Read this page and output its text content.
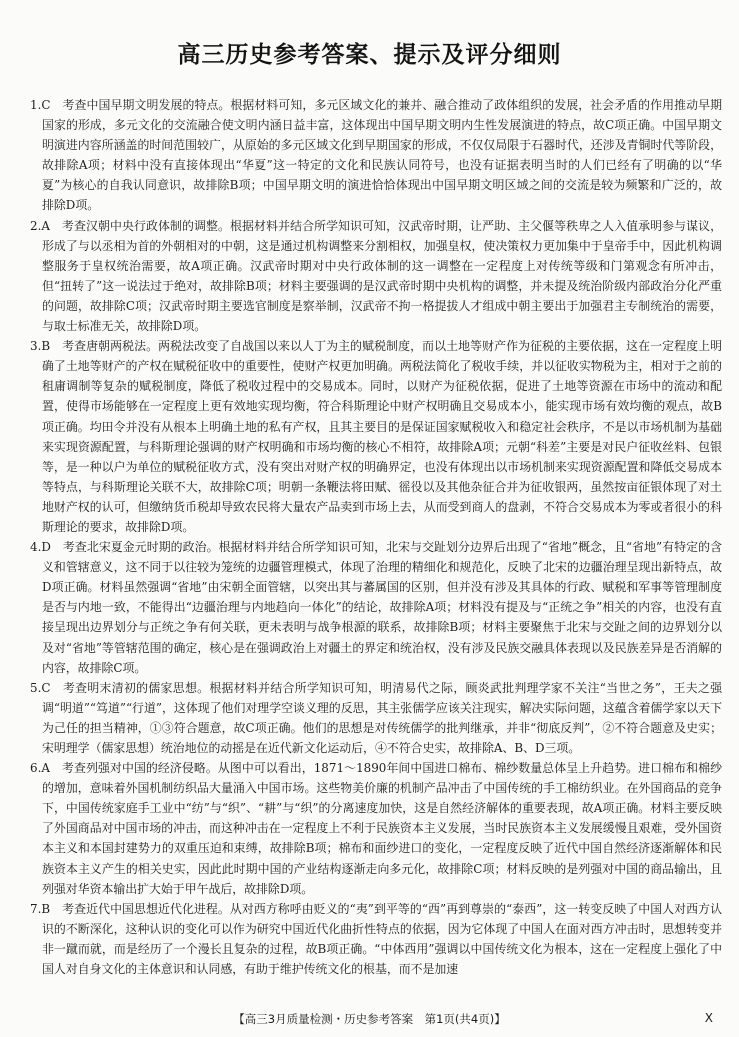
高三历史参考答案、提示及评分细则

1.C　考查中国早期文明发展的特点。根据材料可知，多元区域文化的兼并、融合推动了政体组织的发展，社会矛盾的作用推动早期国家的形成，多元文化的交流融合使文明内涵日益丰富，这体现出中国早期文明内生性发展演进的特点，故C项正确。中国早期文明演进内容所涵盖的时间范围较广，从原始的多元区域文化到早期国家的形成，不仅仅局限于石器时代，还涉及青铜时代等阶段，故排除A项；材料中没有直接体现出“华夏”这一特定的文化和民族认同符号，也没有证据表明当时的人们已经有了明确的以“华夏”为核心的自我认同意识，故排除B项；中国早期文明的演进恰恰体现出中国早期文明区域之间的交流是较为频繁和广泛的，故排除D项。

2.A　考查汉朝中央行政体制的调整。根据材料并结合所学知识可知，汉武帝时期，让严助、主父偃等秩卑之人入值承明参与谋议，形成了与以丞相为首的外朝相对的中朝，这是通过机构调整来分割相权，加强皇权，使决策权力更加集中于皇帝手中，因此机构调整服务于皇权统治需要，故A项正确。汉武帝时期对中央行政体制的这一调整在一定程度上对传统等级和门第观念有所冲击，但“扭转了”这一说法过于绝对，故排除B项；材料主要强调的是汉武帝时期中央机构的调整，并未提及统治阶级内部政治分化严重的问题，故排除C项；汉武帝时期主要选官制度是察举制，汉武帝不拘一格提拔人才组成中朝主要出于加强君主专制统治的需要，与取士标准无关，故排除D项。

3.B　考查唐朝两税法。两税法改变了自战国以来以人丁为主的赋税制度，而以土地等财产作为征税的主要依据，这在一定程度上明确了土地等财产的产权在赋税征收中的重要性，使财产权更加明确。两税法简化了税收手续，并以征收实物税为主，相对于之前的租庸调制等复杂的赋税制度，降低了税收过程中的交易成本。同时，以财产为征税依据，促进了土地等资源在市场中的流动和配置，使得市场能够在一定程度上更有效地实现均衡，符合科斯理论中财产权明确且交易成本小，能实现市场有效均衡的观点，故B项正确。均田令并没有从根本上明确土地的私有产权，且其主要目的是保证国家赋税收入和稳定社会秩序，不是以市场机制为基础来实现资源配置，与科斯理论强调的财产权明确和市场均衡的核心不相符，故排除A项；元朝“科差”主要是对民户征收丝料、包银等，是一种以户为单位的赋税征收方式，没有突出对财产权的明确界定，也没有体现出以市场机制来实现资源配置和降低交易成本等特点，与科斯理论关联不大，故排除C项；明朝一条鞭法将田赋、徭役以及其他杂征合并为征收银两，虽然按亩征银体现了对土地财产权的认可，但缴纳货币税却导致农民将大量农产品卖到市场上去，从而受到商人的盘剥，不符合交易成本为零或者很小的科斯理论的要求，故排除D项。

4.D　考查北宋夏金元时期的政治。根据材料并结合所学知识可知，北宋与交趾划分边界后出现了“省地”概念，且“省地”有特定的含义和管辖意义，这不同于以往较为笼统的边疆管理模式，体现了治理的精细化和规范化，反映了北宋的边疆治理呈现出新特点，故D项正确。材料虽然强调“省地”由宋朝全面管辖，以突出其与蕃属国的区别，但并没有涉及其具体的行政、赋税和军事等管理制度是否与内地一致，不能得出“边疆治理与内地趋向一体化”的结论，故排除A项；材料没有提及与“正统之争”相关的内容，也没有直接呈现出边界划分与正统之争有何关联，更未表明与战争根源的联系，故排除B项；材料主要聚焦于北宋与交趾之间的边界划分以及对“省地”等管辖范围的确定，核心是在强调政治上对疆土的界定和统治权，没有涉及民族交融具体表现以及民族差异是否消解的内容，故排除C项。

5.C　考查明末清初的儒家思想。根据材料并结合所学知识可知，明清易代之际，顾炎武批判理学家不关注“当世之务”，王夫之强调“明道”“笃道”“行道”，这体现了他们对理学空谈义理的反思，其主张儒学应该关注现实，解决实际问题，这蕴含着儒学家以天下为己任的担当精神，①③符合题意，故C项正确。他们的思想是对传统儒学的批判继承，并非“彻底反判”，②不符合题意及史实；宋明理学（儒家思想）统治地位的动摇是在近代新文化运动后，④不符合史实，故排除A、B、D三项。

6.A　考查列强对中国的经济侵略。从图中可以看出，1871～1890年间中国进口棉布、棉纱数量总体呈上升趋势。进口棉布和棉纱的增加，意味着外国机制纺织品大量涌入中国市场。这些物美价廉的机制产品冲击了中国传统的手工棉纺织业。在外国商品的竞争下，中国传统家庭手工业中“纺”与“织”、“耕”与“织”的分离速度加快，这是自然经济解体的重要表现，故A项正确。材料主要反映了外国商品对中国市场的冲击，而这种冲击在一定程度上不利于民族资本主义发展，当时民族资本主义发展缓慢且艰难，受外国资本主义和本国封建势力的双重压迫和束缚，故排除B项；棉布和面纱进口的变化，一定程度反映了近代中国自然经济逐渐解体和民族资本主义产生的相关史实，因此此时期中国的产业结构逐渐走向多元化，故排除C项；材料反映的是列强对中国的商品输出，且列强对华资本输出扩大始于甲午战后，故排除D项。

7.B　考查近代中国思想近代化进程。从对西方称呼由贬义的“夷”到平等的“西”再到尊崇的“泰西”，这一转变反映了中国人对西方认识的不断深化，这种认识的变化可以作为研究中国近代化曲折性特点的依据，因为它体现了中国人在面对西方冲击时，思想转变并非一蹴而就，而是经历了一个漫长且复杂的过程，故B项正确。“中体西用”强调以中国传统文化为根本，这在一定程度上强化了中国人对自身文化的主体意识和认同感，有助于维护传统文化的根基，而不是加速

【高三3月质量检测・历史参考答案　第1页(共4页)】	X
